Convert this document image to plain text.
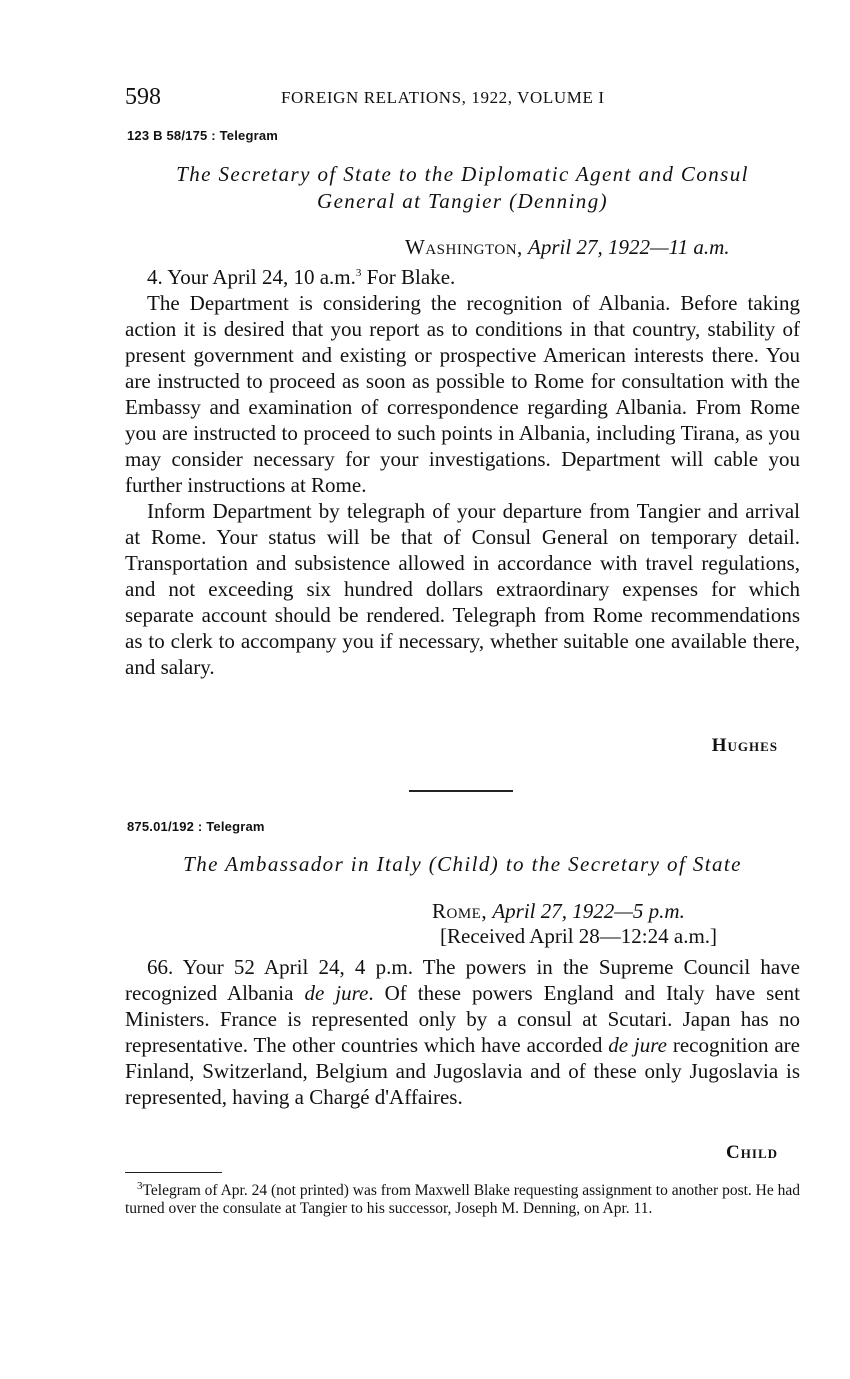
598	FOREIGN RELATIONS, 1922, VOLUME I
123 B 58/175 : Telegram
The Secretary of State to the Diplomatic Agent and Consul
General at Tangier (Denning)
Washington, April 27, 1922—11 a.m.

4. Your April 24, 10 a.m.$^3$ For Blake.

The Department is considering the recognition of Albania. Before taking action it is desired that you report as to conditions in that country, stability of present government and existing or prospective American interests there. You are instructed to proceed as soon as possible to Rome for consultation with the Embassy and examination of correspondence regarding Albania. From Rome you are instructed to proceed to such points in Albania, including Tirana, as you may consider necessary for your investigations. Department will cable you further instructions at Rome.

Inform Department by telegraph of your departure from Tangier and arrival at Rome. Your status will be that of Consul General on temporary detail. Transportation and subsistence allowed in accordance with travel regulations, and not exceeding six hundred dollars extraordinary expenses for which separate account should be rendered. Telegraph from Rome recommendations as to clerk to accompany you if necessary, whether suitable one available there, and salary.

Hughes
875.01/192 : Telegram
The Ambassador in Italy (Child) to the Secretary of State
Rome, April 27, 1922—5 p.m.
[Received April 28—12:24 a.m.]

66. Your 52 April 24, 4 p.m. The powers in the Supreme Council have recognized Albania de jure. Of these powers England and Italy have sent Ministers. France is represented only by a consul at Scutari. Japan has no representative. The other countries which have accorded de jure recognition are Finland, Switzerland, Belgium and Jugoslavia and of these only Jugoslavia is represented, having a Chargé d'Affaires.

Child
$^3$Telegram of Apr. 24 (not printed) was from Maxwell Blake requesting assignment to another post. He had turned over the consulate at Tangier to his successor, Joseph M. Denning, on Apr. 11.
